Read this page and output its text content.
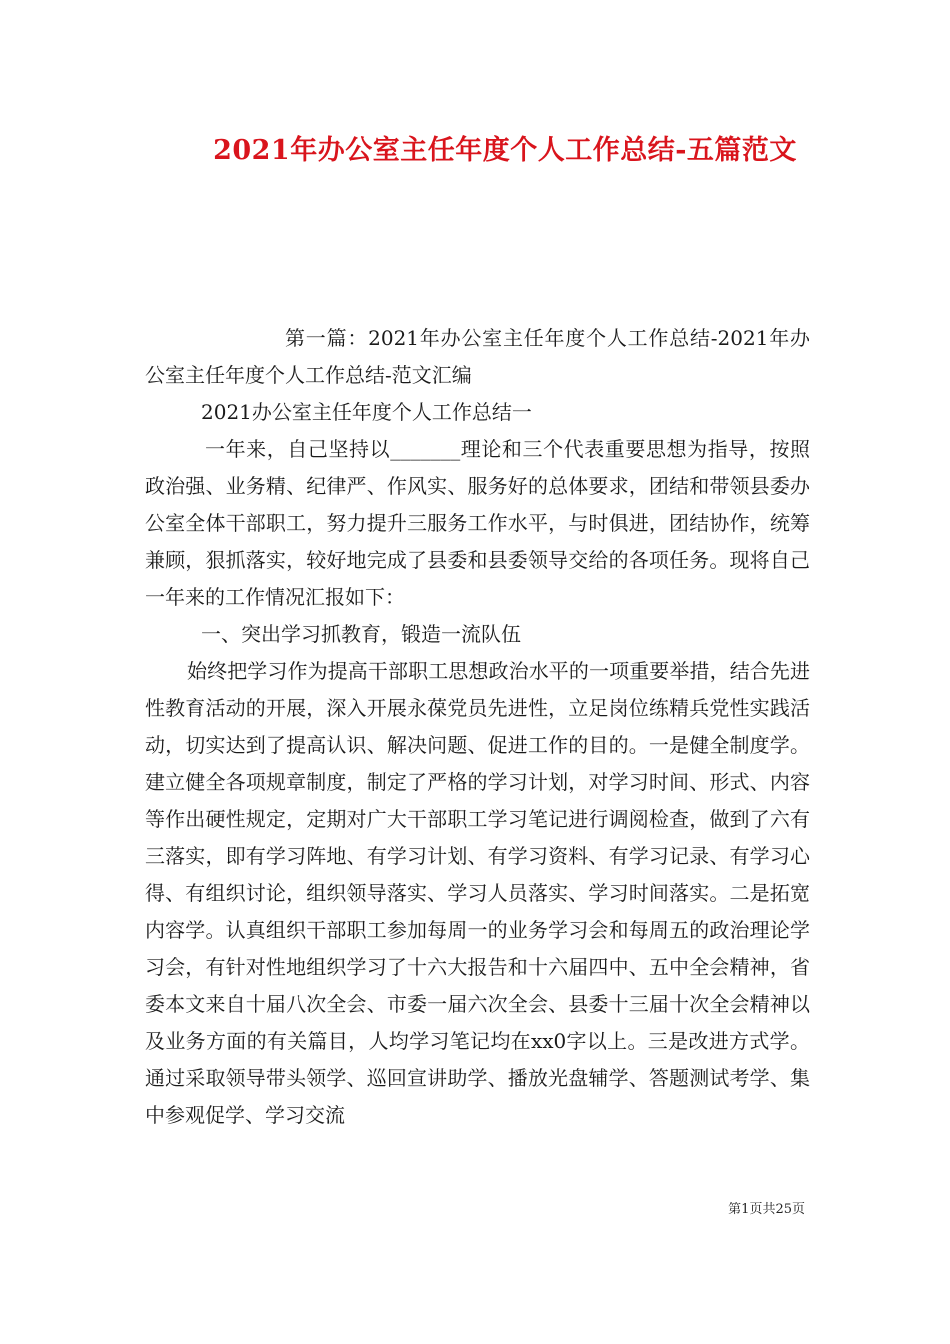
2021年办公室主任年度个人工作总结-五篇范文

第一篇：2021年办公室主任年度个人工作总结-2021年办公室主任年度个人工作总结-范文汇编

2021办公室主任年度个人工作总结一

一年来，自己坚持以_______理论和三个代表重要思想为指导，按照政治强、业务精、纪律严、作风实、服务好的总体要求，团结和带领县委办公室全体干部职工，努力提升三服务工作水平，与时俱进，团结协作，统筹兼顾，狠抓落实，较好地完成了县委和县委领导交给的各项任务。现将自己一年来的工作情况汇报如下：

一、突出学习抓教育，锻造一流队伍

始终把学习作为提高干部职工思想政治水平的一项重要举措，结合先进性教育活动的开展，深入开展永葆党员先进性，立足岗位练精兵党性实践活动，切实达到了提高认识、解决问题、促进工作的目的。一是健全制度学。建立健全各项规章制度，制定了严格的学习计划，对学习时间、形式、内容等作出硬性规定，定期对广大干部职工学习笔记进行调阅检查，做到了六有三落实，即有学习阵地、有学习计划、有学习资料、有学习记录、有学习心得、有组织讨论，组织领导落实、学习人员落实、学习时间落实。二是拓宽内容学。认真组织干部职工参加每周一的业务学习会和每周五的政治理论学习会，有针对性地组织学习了十六大报告和十六届四中、五中全会精神，省委本文来自十届八次全会、市委一届六次全会、县委十三届十次全会精神以及业务方面的有关篇目，人均学习笔记均在xx0字以上。三是改进方式学。通过采取领导带头领学、巡回宣讲助学、播放光盘辅学、答题测试考学、集中参观促学、学习交流

第1页共25页
